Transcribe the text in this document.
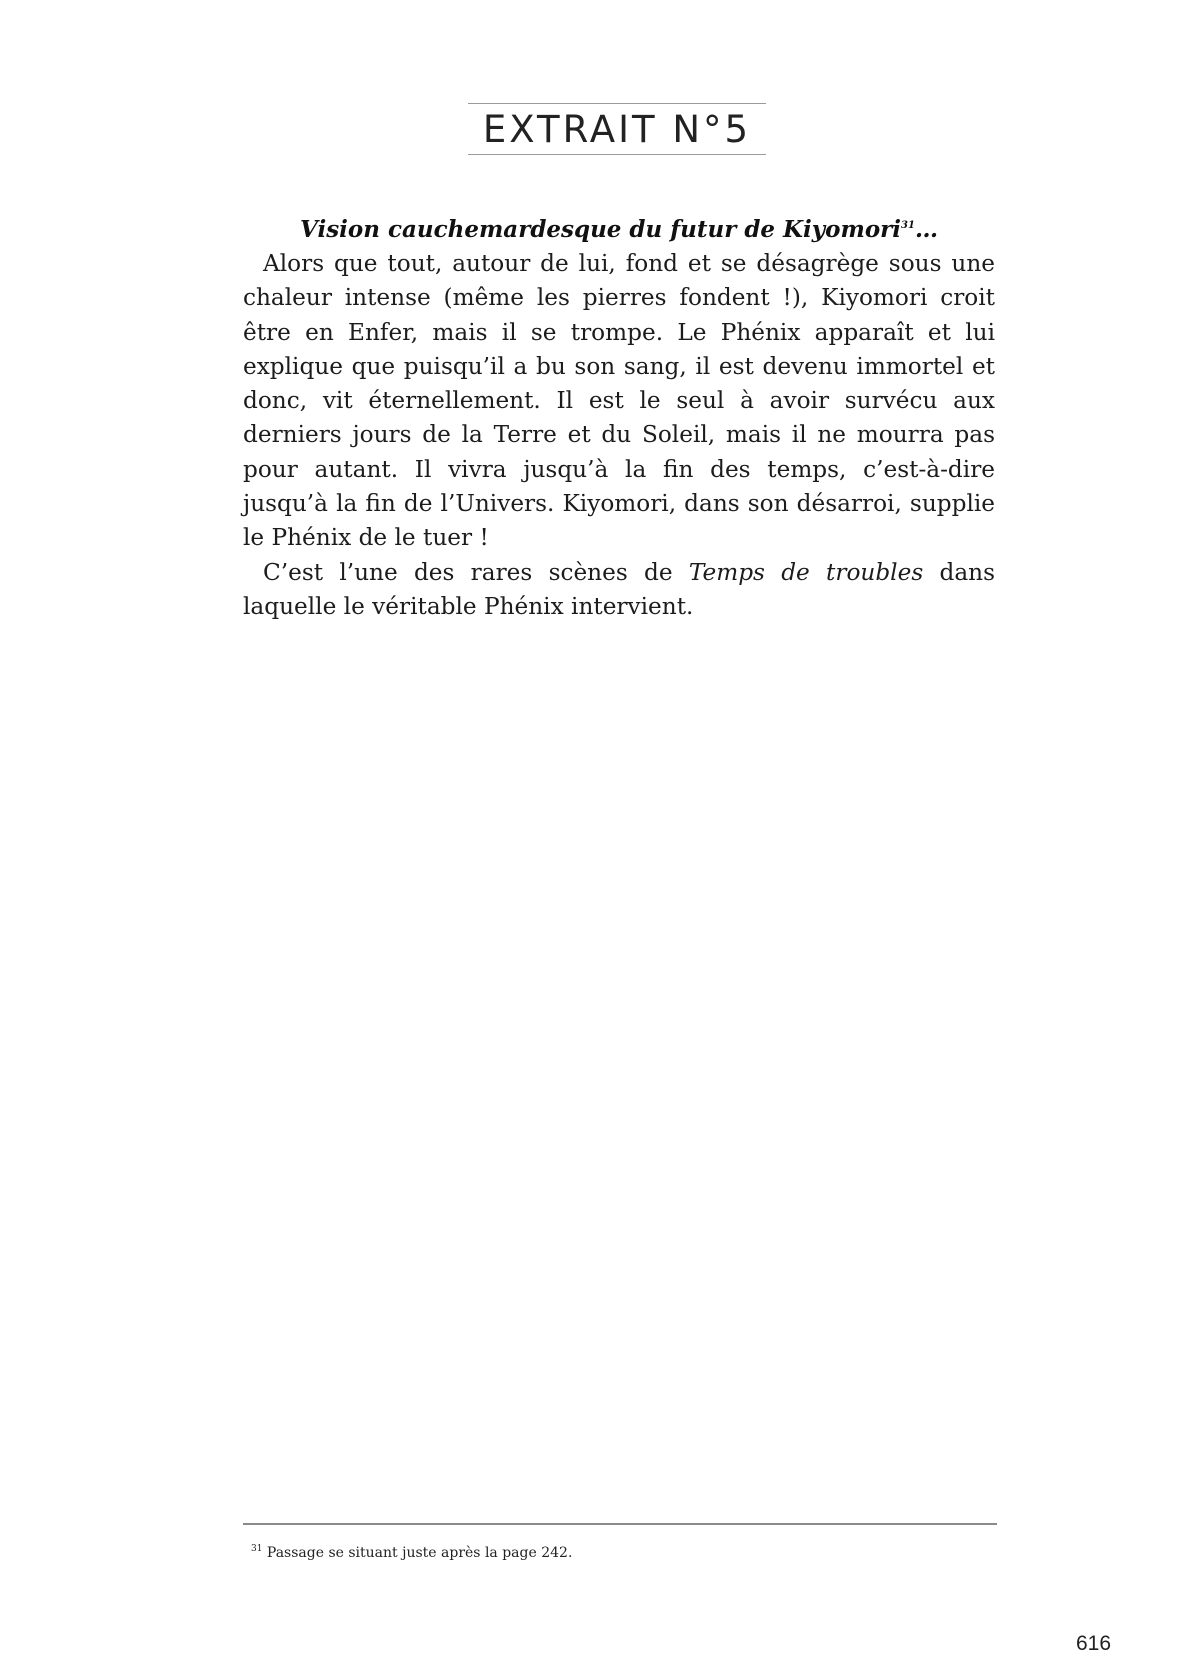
EXTRAIT N°5

Vision cauchemardesque du futur de Kiyomori$^{31}$…

Alors que tout, autour de lui, fond et se désagrège sous une chaleur intense (même les pierres fondent !), Kiyomori croit être en Enfer, mais il se trompe. Le Phénix apparaît et lui explique que puisqu’il a bu son sang, il est devenu immortel et donc, vit éternellement. Il est le seul à avoir survécu aux derniers jours de la Terre et du Soleil, mais il ne mourra pas pour autant. Il vivra jusqu’à la fin des temps, c’est-à-dire jusqu’à la fin de l’Univers. Kiyomori, dans son désarroi, supplie le Phénix de le tuer !

C’est l’une des rares scènes de Temps de troubles dans laquelle le véritable Phénix intervient.

$^{31}$ Passage se situant juste après la page 242.
616
